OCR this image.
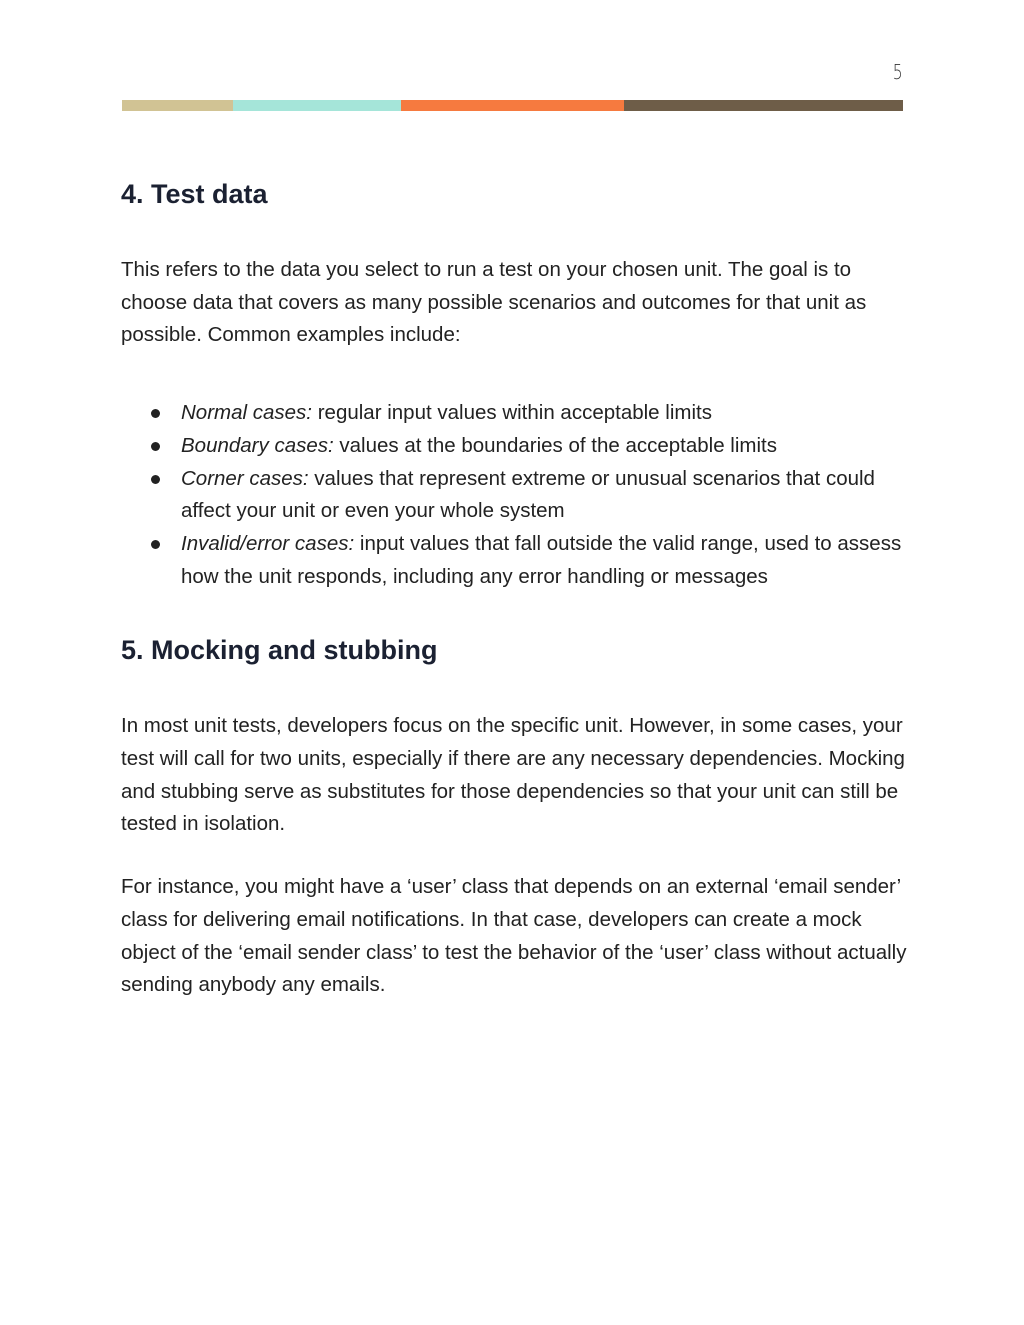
5
4. Test data

This refers to the data you select to run a test on your chosen unit. The goal is to choose data that covers as many possible scenarios and outcomes for that unit as possible. Common examples include:

Normal cases: regular input values within acceptable limits
Boundary cases: values at the boundaries of the acceptable limits
Corner cases: values that represent extreme or unusual scenarios that could affect your unit or even your whole system
Invalid/error cases: input values that fall outside the valid range, used to assess how the unit responds, including any error handling or messages
5. Mocking and stubbing

In most unit tests, developers focus on the specific unit. However, in some cases, your test will call for two units, especially if there are any necessary dependencies. Mocking and stubbing serve as substitutes for those dependencies so that your unit can still be tested in isolation.

For instance, you might have a ‘user’ class that depends on an external ‘email sender’ class for delivering email notifications. In that case, developers can create a mock object of the ‘email sender class’ to test the behavior of the ‘user’ class without actually sending anybody any emails.
